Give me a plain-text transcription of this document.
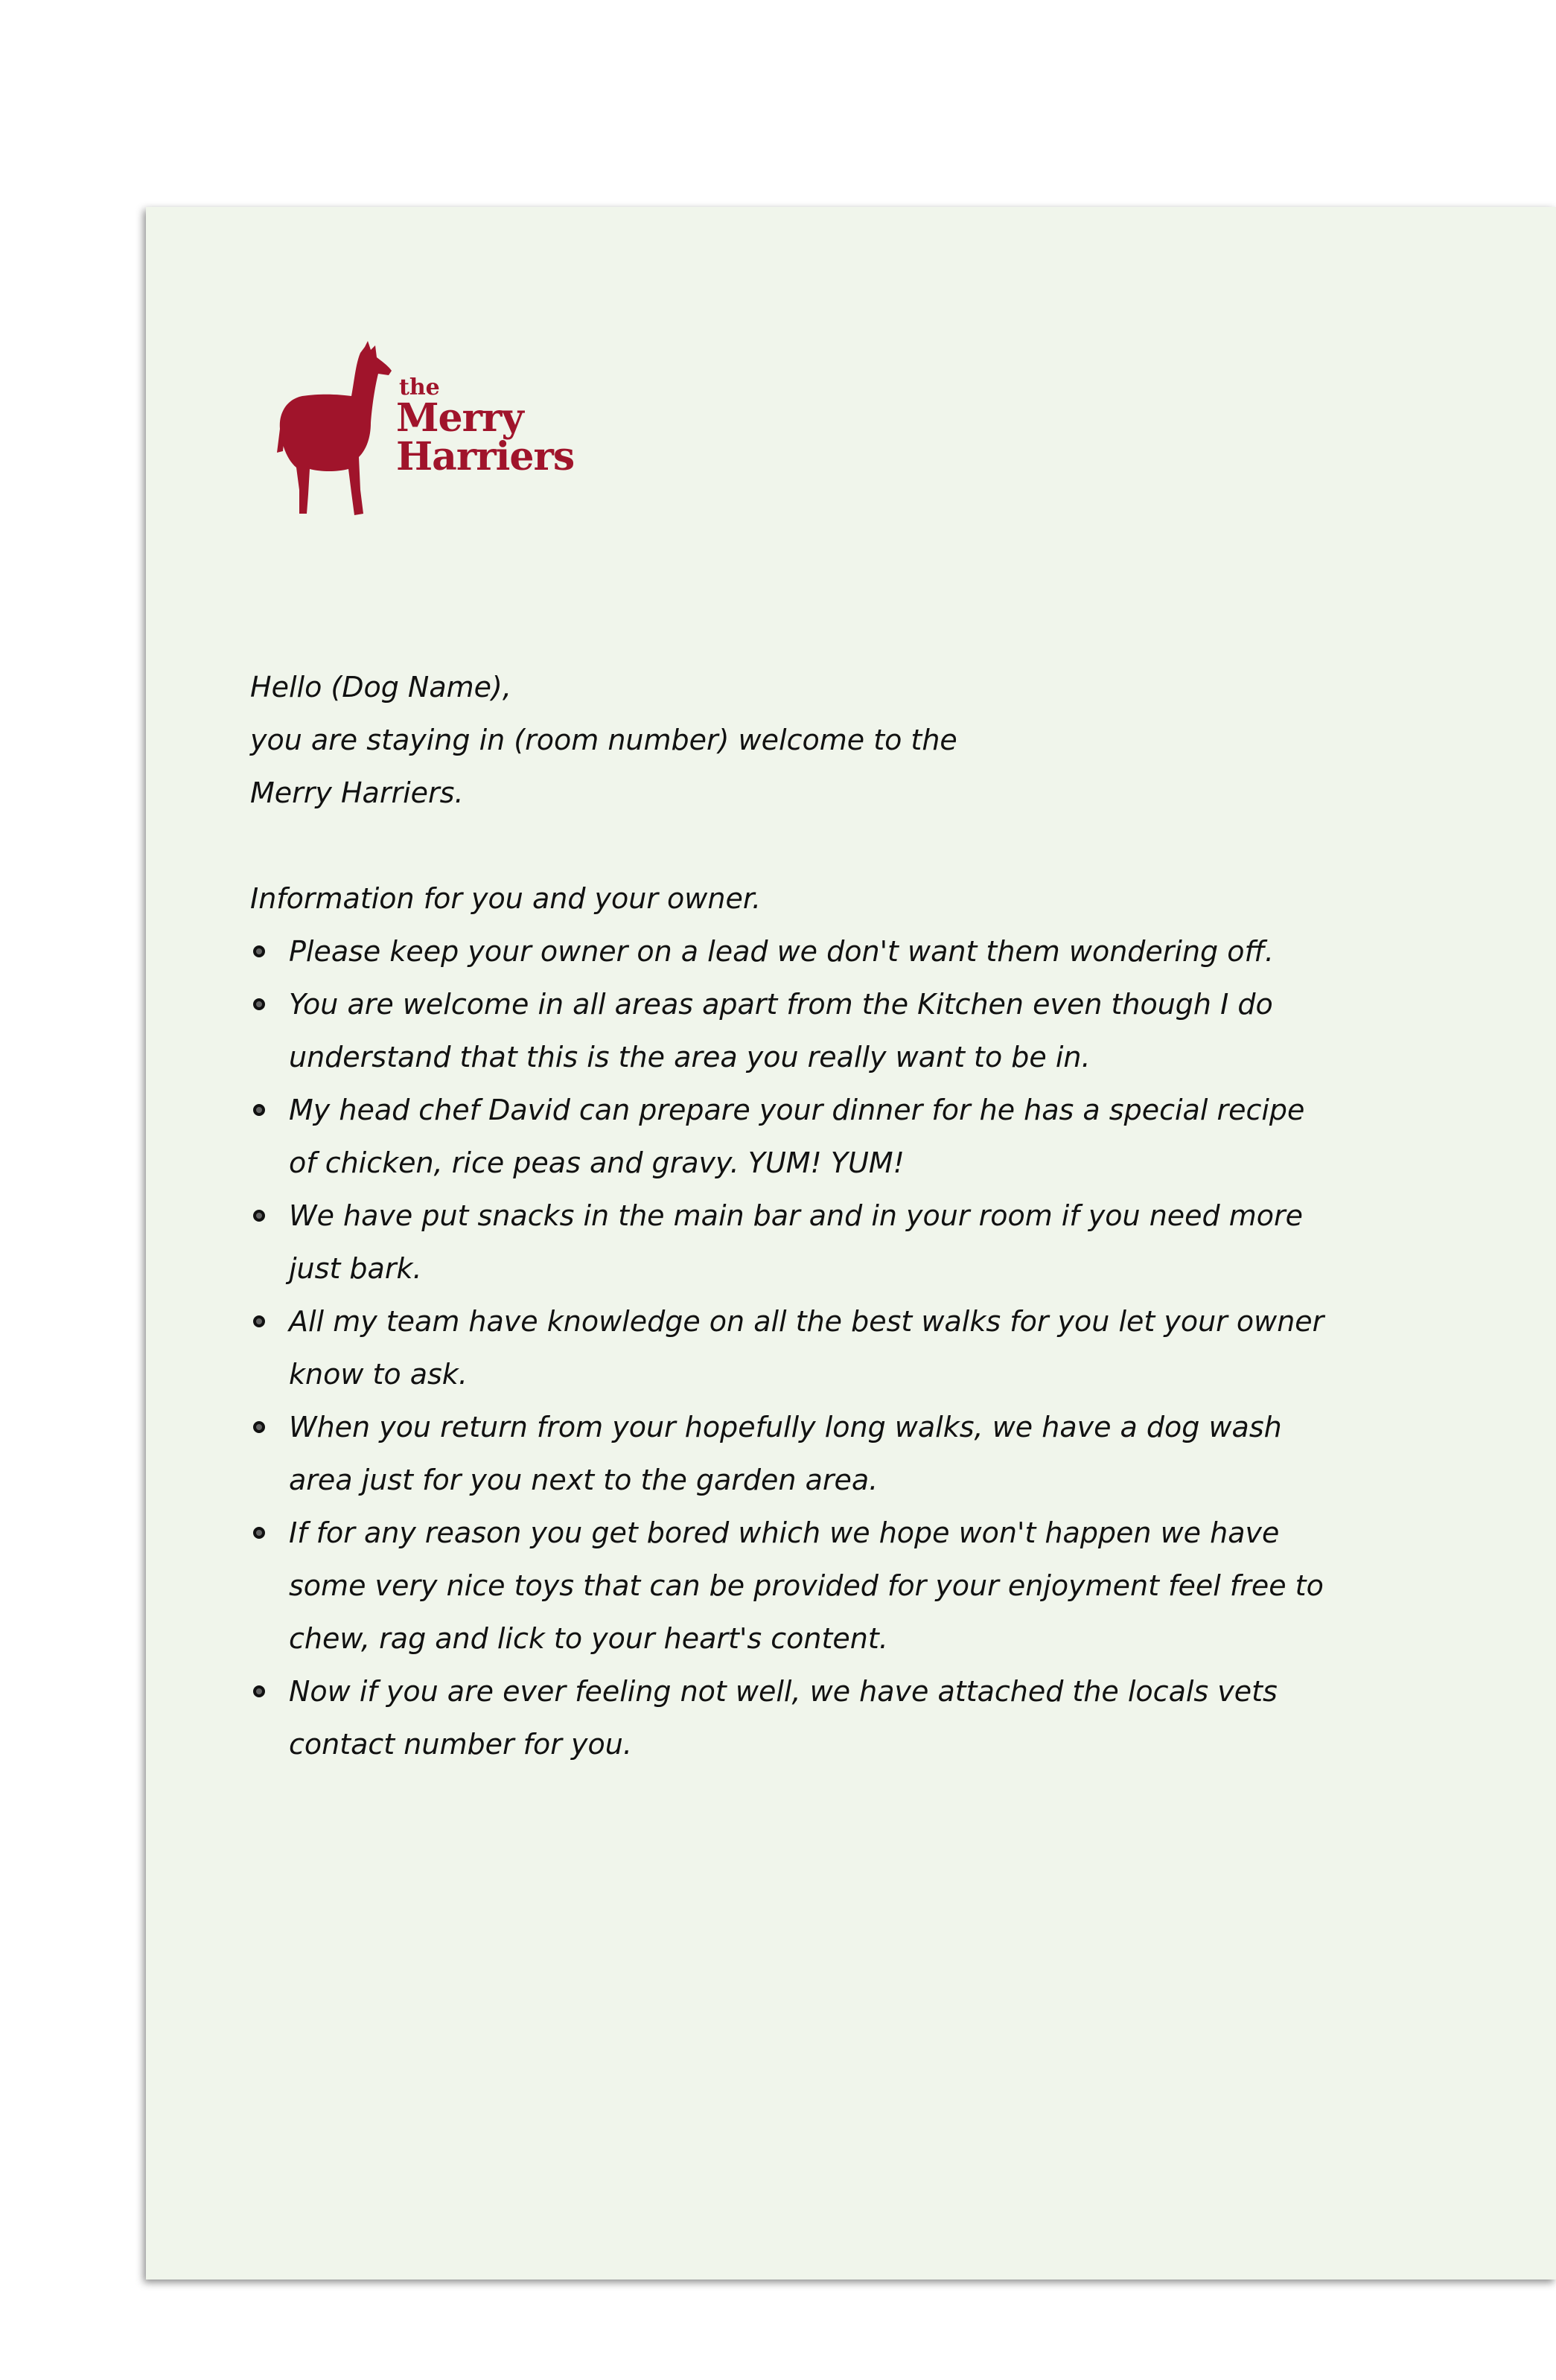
the
Merry
Harriers

Hello (Dog Name),

you are staying in (room number) welcome to the

Merry Harriers.

Information for you and your owner.

Please keep your owner on a lead we don't want them wondering off.
You are welcome in all areas apart from the Kitchen even though I do understand that this is the area you really want to be in.
My head chef David can prepare your dinner for he has a special recipe of chicken, rice peas and gravy. YUM! YUM!
We have put snacks in the main bar and in your room if you need more just bark.
All my team have knowledge on all the best walks for you let your owner know to ask.
When you return from your hopefully long walks, we have a dog wash area just for you next to the garden area.
If for any reason you get bored which we hope won't happen we have some very nice toys that can be provided for your enjoyment feel free to chew, rag and lick to your heart's content.
Now if you are ever feeling not well, we have attached the locals vets contact number for you.
